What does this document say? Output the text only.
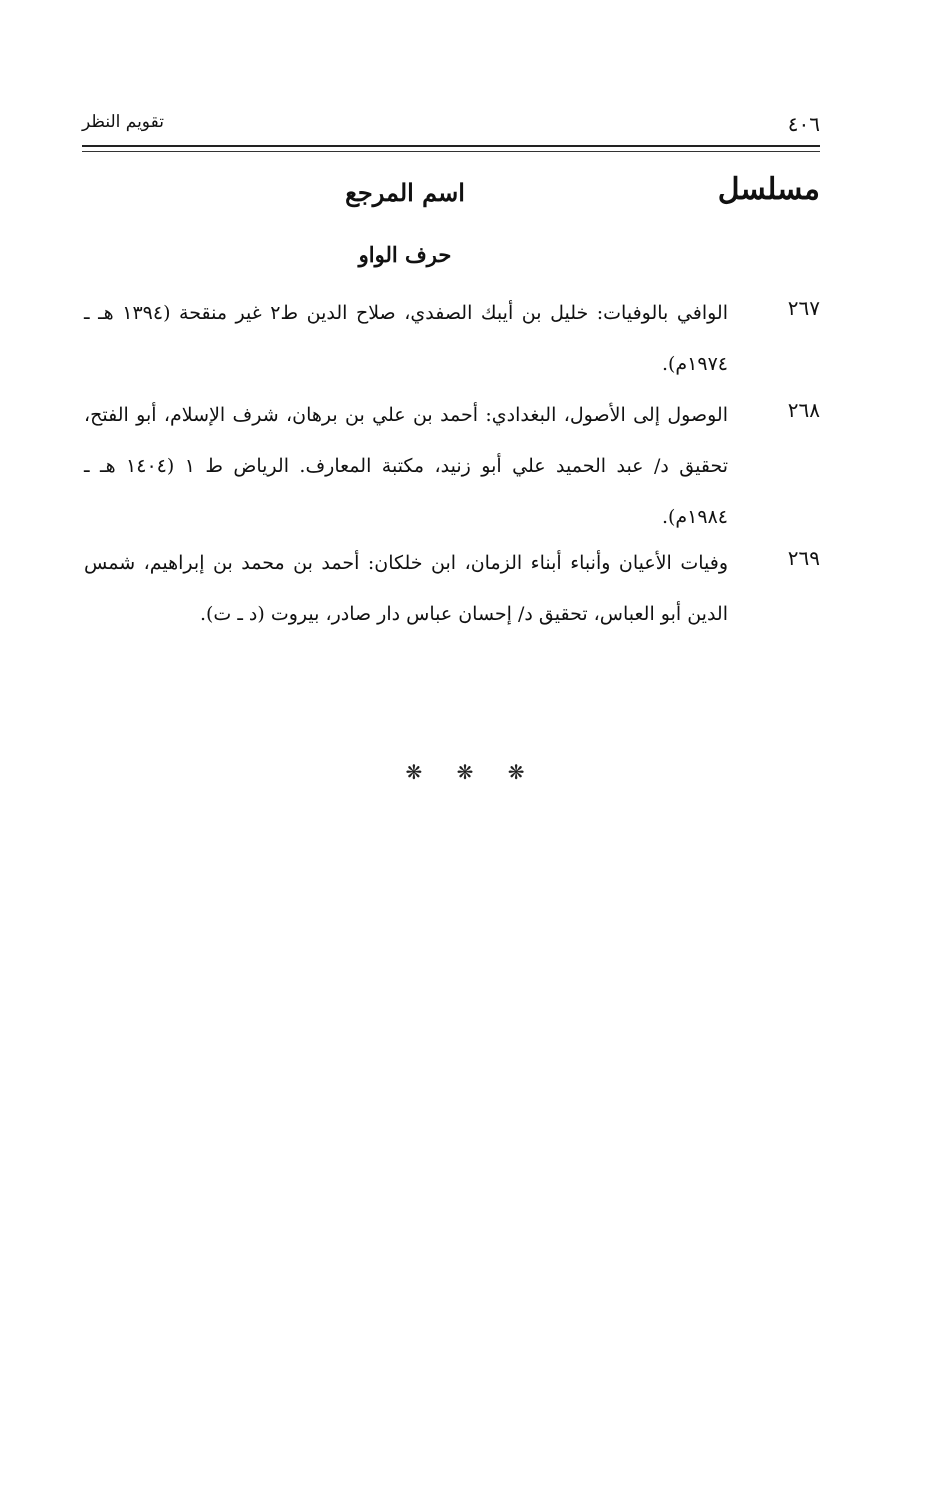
تقويم النظر	٤٠٦
مسلسل
اسم المرجع
حرف الواو
٢٦٧
الوافي بالوفيات: خليل بن أيبك الصفدي، صلاح الدين ط٢ غير منقحة (١٣٩٤ هـ ـ ١٩٧٤م).
٢٦٨
الوصول إلى الأصول، البغدادي: أحمد بن علي بن برهان، شرف الإسلام، أبو الفتح، تحقيق د/ عبد الحميد علي أبو زنيد، مكتبة المعارف. الرياض ط ١ (١٤٠٤ هـ ـ ١٩٨٤م).
٢٦٩
وفيات الأعيان وأنباء أبناء الزمان، ابن خلكان: أحمد بن محمد بن إبراهيم، شمس الدين أبو العباس، تحقيق د/ إحسان عباس دار صادر، بيروت (د ـ ت).
❋ ❋ ❋
